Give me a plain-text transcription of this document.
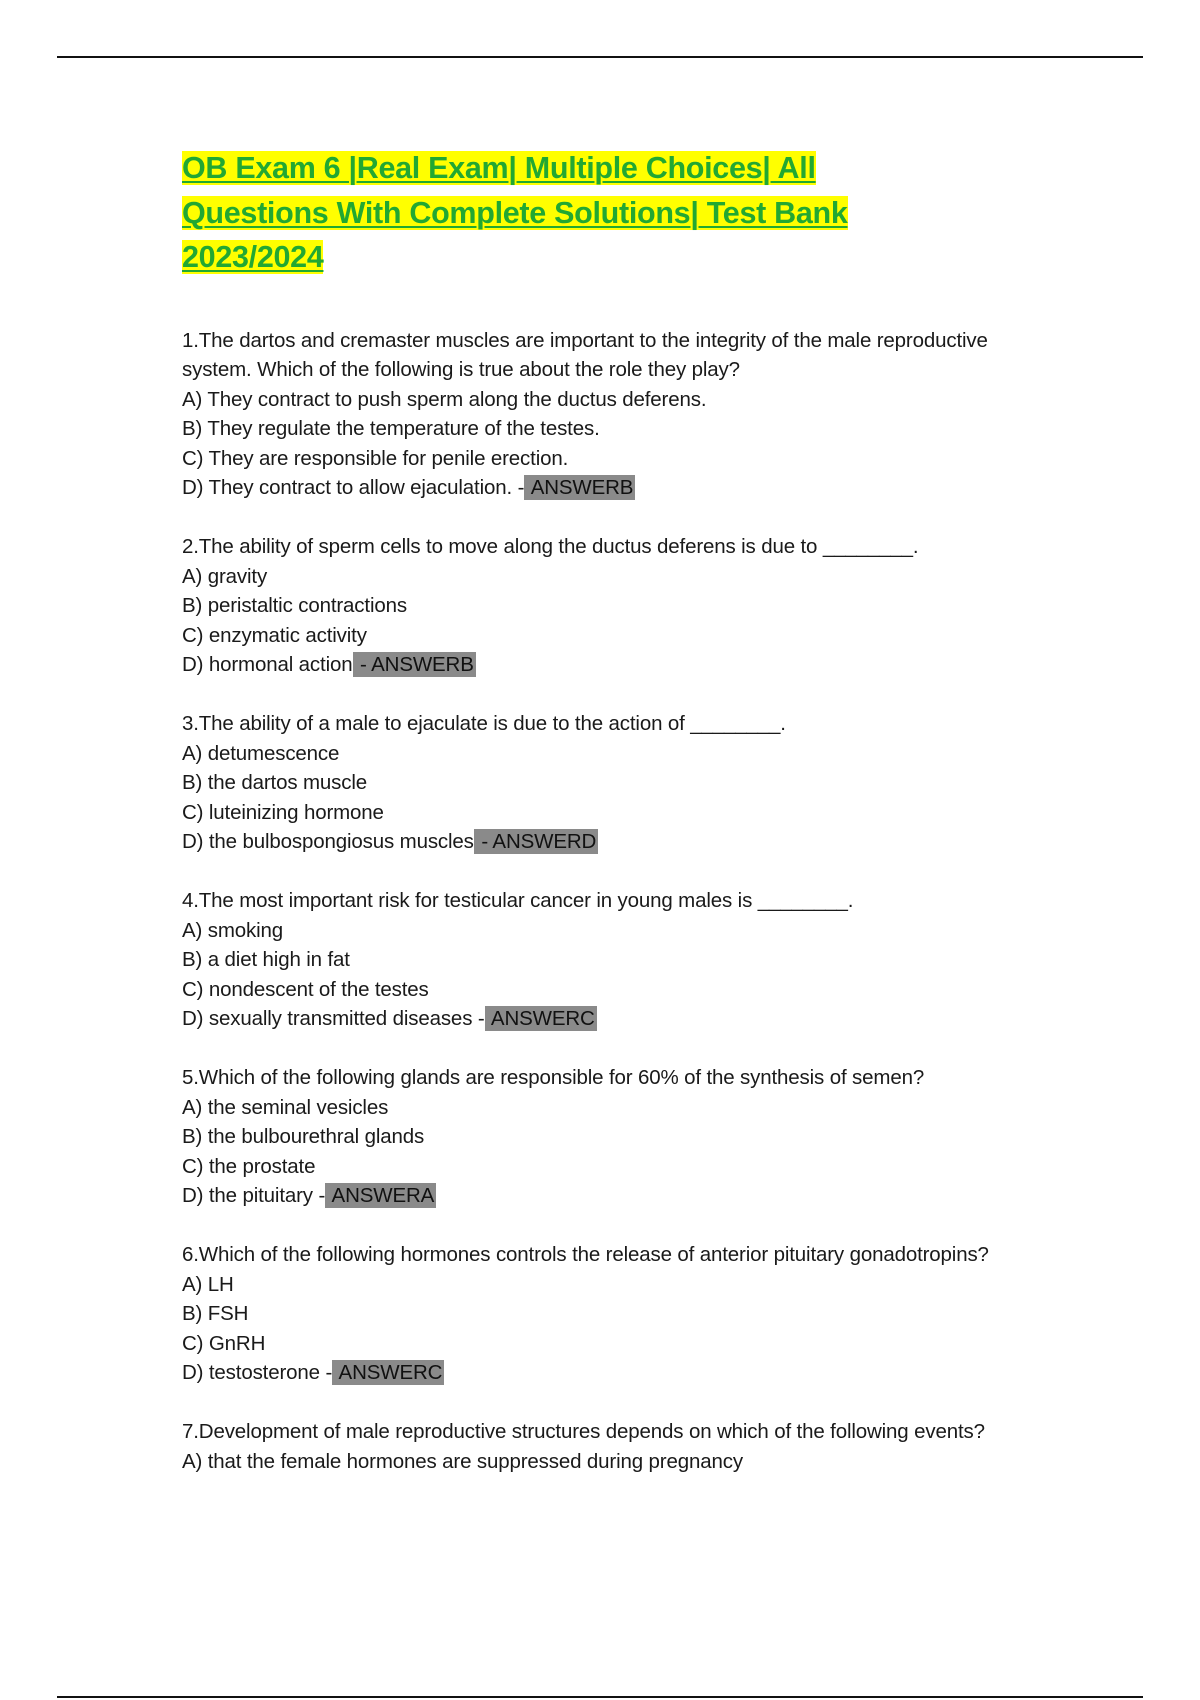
OB Exam 6 |Real Exam| Multiple Choices| All
Questions With Complete Solutions| Test Bank
2023/2024

1.The dartos and cremaster muscles are important to the integrity of the male reproductive system. Which of the following is true about the role they play?

A) They contract to push sperm along the ductus deferens.

B) They regulate the temperature of the testes.

C) They are responsible for penile erection.

D) They contract to allow ejaculation. - ANSWERB

2.The ability of sperm cells to move along the ductus deferens is due to ________.

A) gravity

B) peristaltic contractions

C) enzymatic activity

D) hormonal action - ANSWERB

3.The ability of a male to ejaculate is due to the action of ________.

A) detumescence

B) the dartos muscle

C) luteinizing hormone

D) the bulbospongiosus muscles - ANSWERD

4.The most important risk for testicular cancer in young males is ________.

A) smoking

B) a diet high in fat

C) nondescent of the testes

D) sexually transmitted diseases - ANSWERC

5.Which of the following glands are responsible for 60% of the synthesis of semen?

A) the seminal vesicles

B) the bulbourethral glands

C) the prostate

D) the pituitary - ANSWERA

6.Which of the following hormones controls the release of anterior pituitary gonadotropins?

A) LH

B) FSH

C) GnRH

D) testosterone - ANSWERC

7.Development of male reproductive structures depends on which of the following events?

A) that the female hormones are suppressed during pregnancy
